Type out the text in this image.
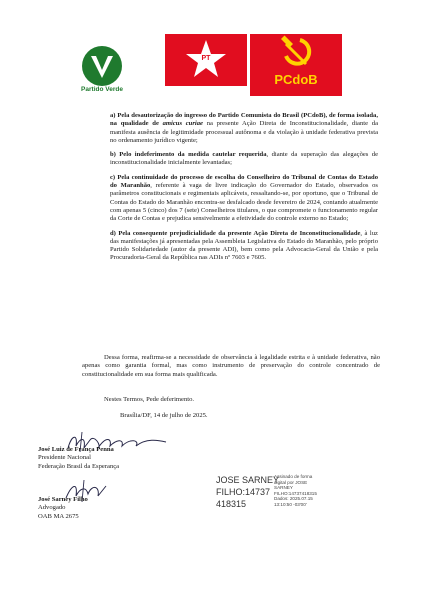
Partido Verde
PT
PCdoB

a) Pela desautorização do ingresso do Partido Comunista do Brasil (PCdoB), de forma isolada, na qualidade de amicus curiae na presente Ação Direta de Inconstitucionalidade, diante da manifesta ausência de legitimidade processual autônoma e da violação à unidade federativa prevista no ordenamento jurídico vigente;

b) Pelo indeferimento da medida cautelar requerida, diante da superação das alegações de inconstitucionalidade inicialmente levantadas;

c) Pela continuidade do processo de escolha do Conselheiro do Tribunal de Contas do Estado do Maranhão, referente à vaga de livre indicação do Governador do Estado, observados os parâmetros constitucionais e regimentais aplicáveis, ressaltando-se, por oportuno, que o Tribunal de Contas do Estado do Maranhão encontra-se desfalcado desde fevereiro de 2024, contando atualmente com apenas 5 (cinco) dos 7 (sete) Conselheiros titulares, o que compromete o funcionamento regular da Corte de Contas e prejudica sensivelmente a efetividade do controle externo no Estado;

d) Pela consequente prejudicialidade da presente Ação Direta de Inconstitucionalidade, à luz das manifestações já apresentadas pela Assembleia Legislativa do Estado do Maranhão, pelo próprio Partido Solidariedade (autor da presente ADI), bem como pela Advocacia-Geral da União e pela Procuradoria-Geral da República nas ADIs nº 7603 e 7605.

Dessa forma, reafirma-se a necessidade de observância à legalidade estrita e à unidade federativa, não apenas como garantia formal, mas como instrumento de preservação do controle concentrado de constitucionalidade em sua forma mais qualificada.
Nestes Termos, Pede deferimento.
Brasília/DF, 14 de julho de 2025.
José Luiz de França Penna
Presidente Nacional
Federação Brasil da Esperança
José Sarney Filho
Advogado
OAB MA 2675
JOSE SARNEY
FILHO:14737
418315
Assinado de forma
digital por JOSE
SARNEY
FILHO:14737418315
Dados: 2025.07.15
13:10:50 -03'00'
